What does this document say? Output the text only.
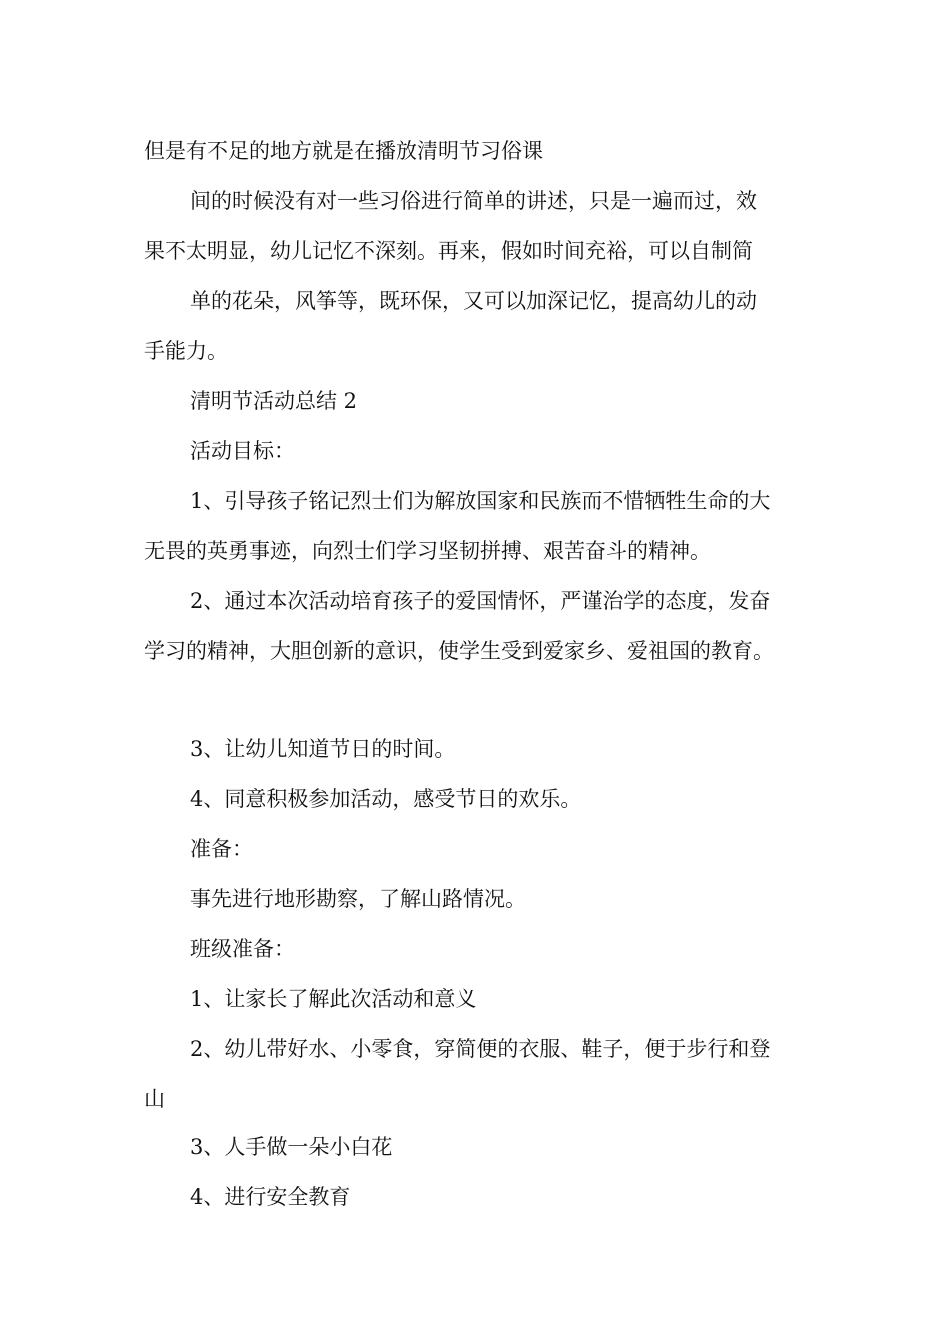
但是有不足的地方就是在播放清明节习俗课
间的时候没有对一些习俗进行简单的讲述，只是一遍而过，效
果不太明显，幼儿记忆不深刻。再来，假如时间充裕，可以自制简
单的花朵，风筝等，既环保，又可以加深记忆，提高幼儿的动
手能力。
清明节活动总结 2
活动目标：
1、引导孩子铭记烈士们为解放国家和民族而不惜牺牲生命的大
无畏的英勇事迹，向烈士们学习坚韧拼搏、艰苦奋斗的精神。
2、通过本次活动培育孩子的爱国情怀，严谨治学的态度，发奋
学习的精神，大胆创新的意识，使学生受到爱家乡、爱祖国的教育。
3、让幼儿知道节日的时间。
4、同意积极参加活动，感受节日的欢乐。
准备：
事先进行地形勘察，了解山路情况。
班级准备：
1、让家长了解此次活动和意义
2、幼儿带好水、小零食，穿简便的衣服、鞋子，便于步行和登
山
3、人手做一朵小白花
4、进行安全教育
